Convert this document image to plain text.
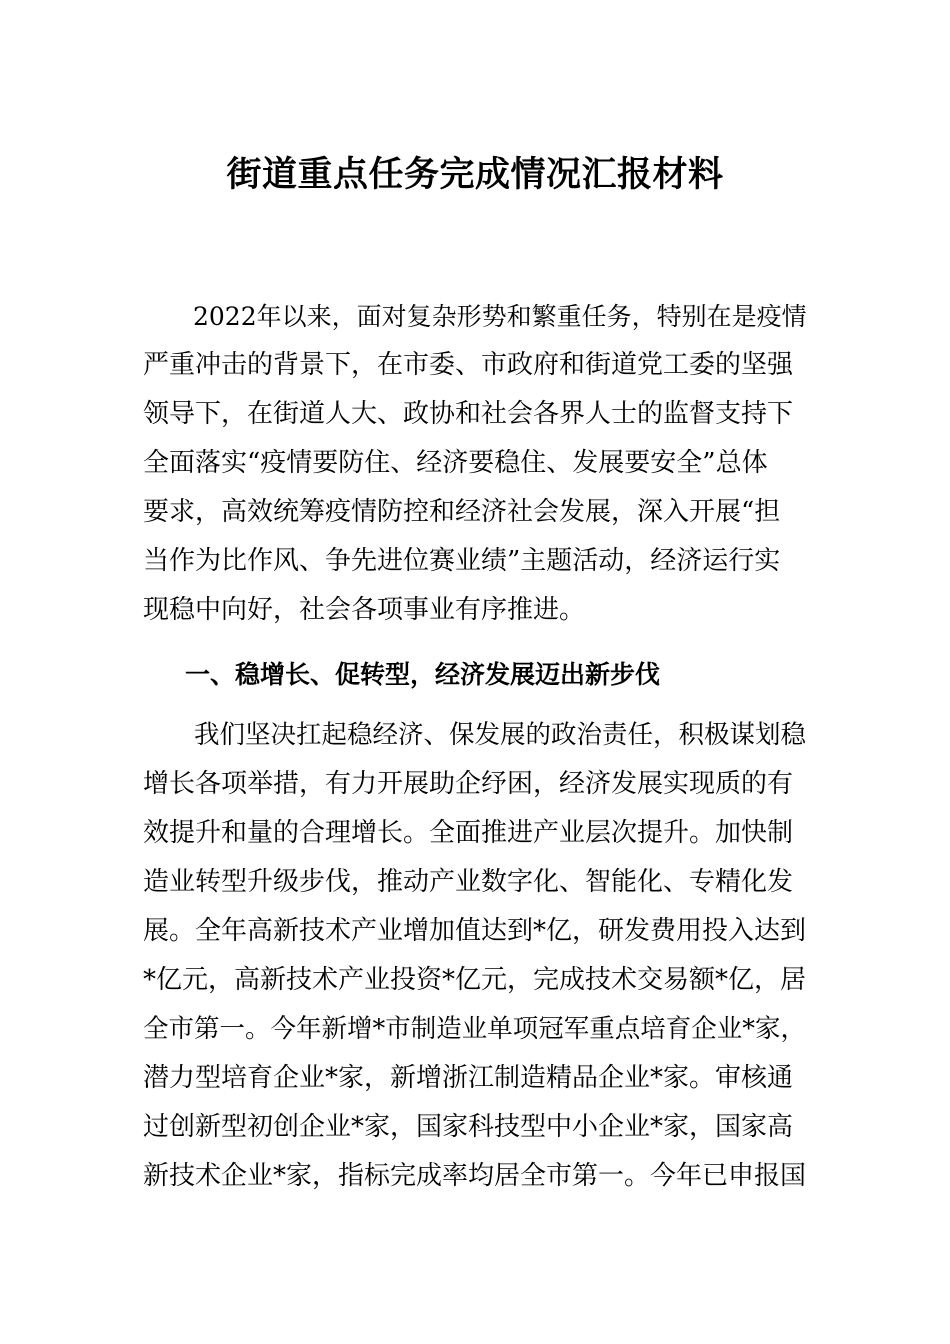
街道重点任务完成情况汇报材料
　　2022年以来，面对复杂形势和繁重任务，特别在是疫情
严重冲击的背景下，在市委、市政府和街道党工委的坚强
领导下，在街道人大、政协和社会各界人士的监督支持下
全面落实“疫情要防住、经济要稳住、发展要安全”总体
要求，高效统筹疫情防控和经济社会发展，深入开展“担
当作为比作风、争先进位赛业绩”主题活动，经济运行实
现稳中向好，社会各项事业有序推进。
一、稳增长、促转型，经济发展迈出新步伐
　　我们坚决扛起稳经济、保发展的政治责任，积极谋划稳
增长各项举措，有力开展助企纾困，经济发展实现质的有
效提升和量的合理增长。全面推进产业层次提升。加快制
造业转型升级步伐，推动产业数字化、智能化、专精化发
展。全年高新技术产业增加值达到*亿，研发费用投入达到
*亿元，高新技术产业投资*亿元，完成技术交易额*亿，居
全市第一。今年新增*市制造业单项冠军重点培育企业*家，
潜力型培育企业*家，新增浙江制造精品企业*家。审核通
过创新型初创企业*家，国家科技型中小企业*家，国家高
新技术企业*家，指标完成率均居全市第一。今年已申报国
